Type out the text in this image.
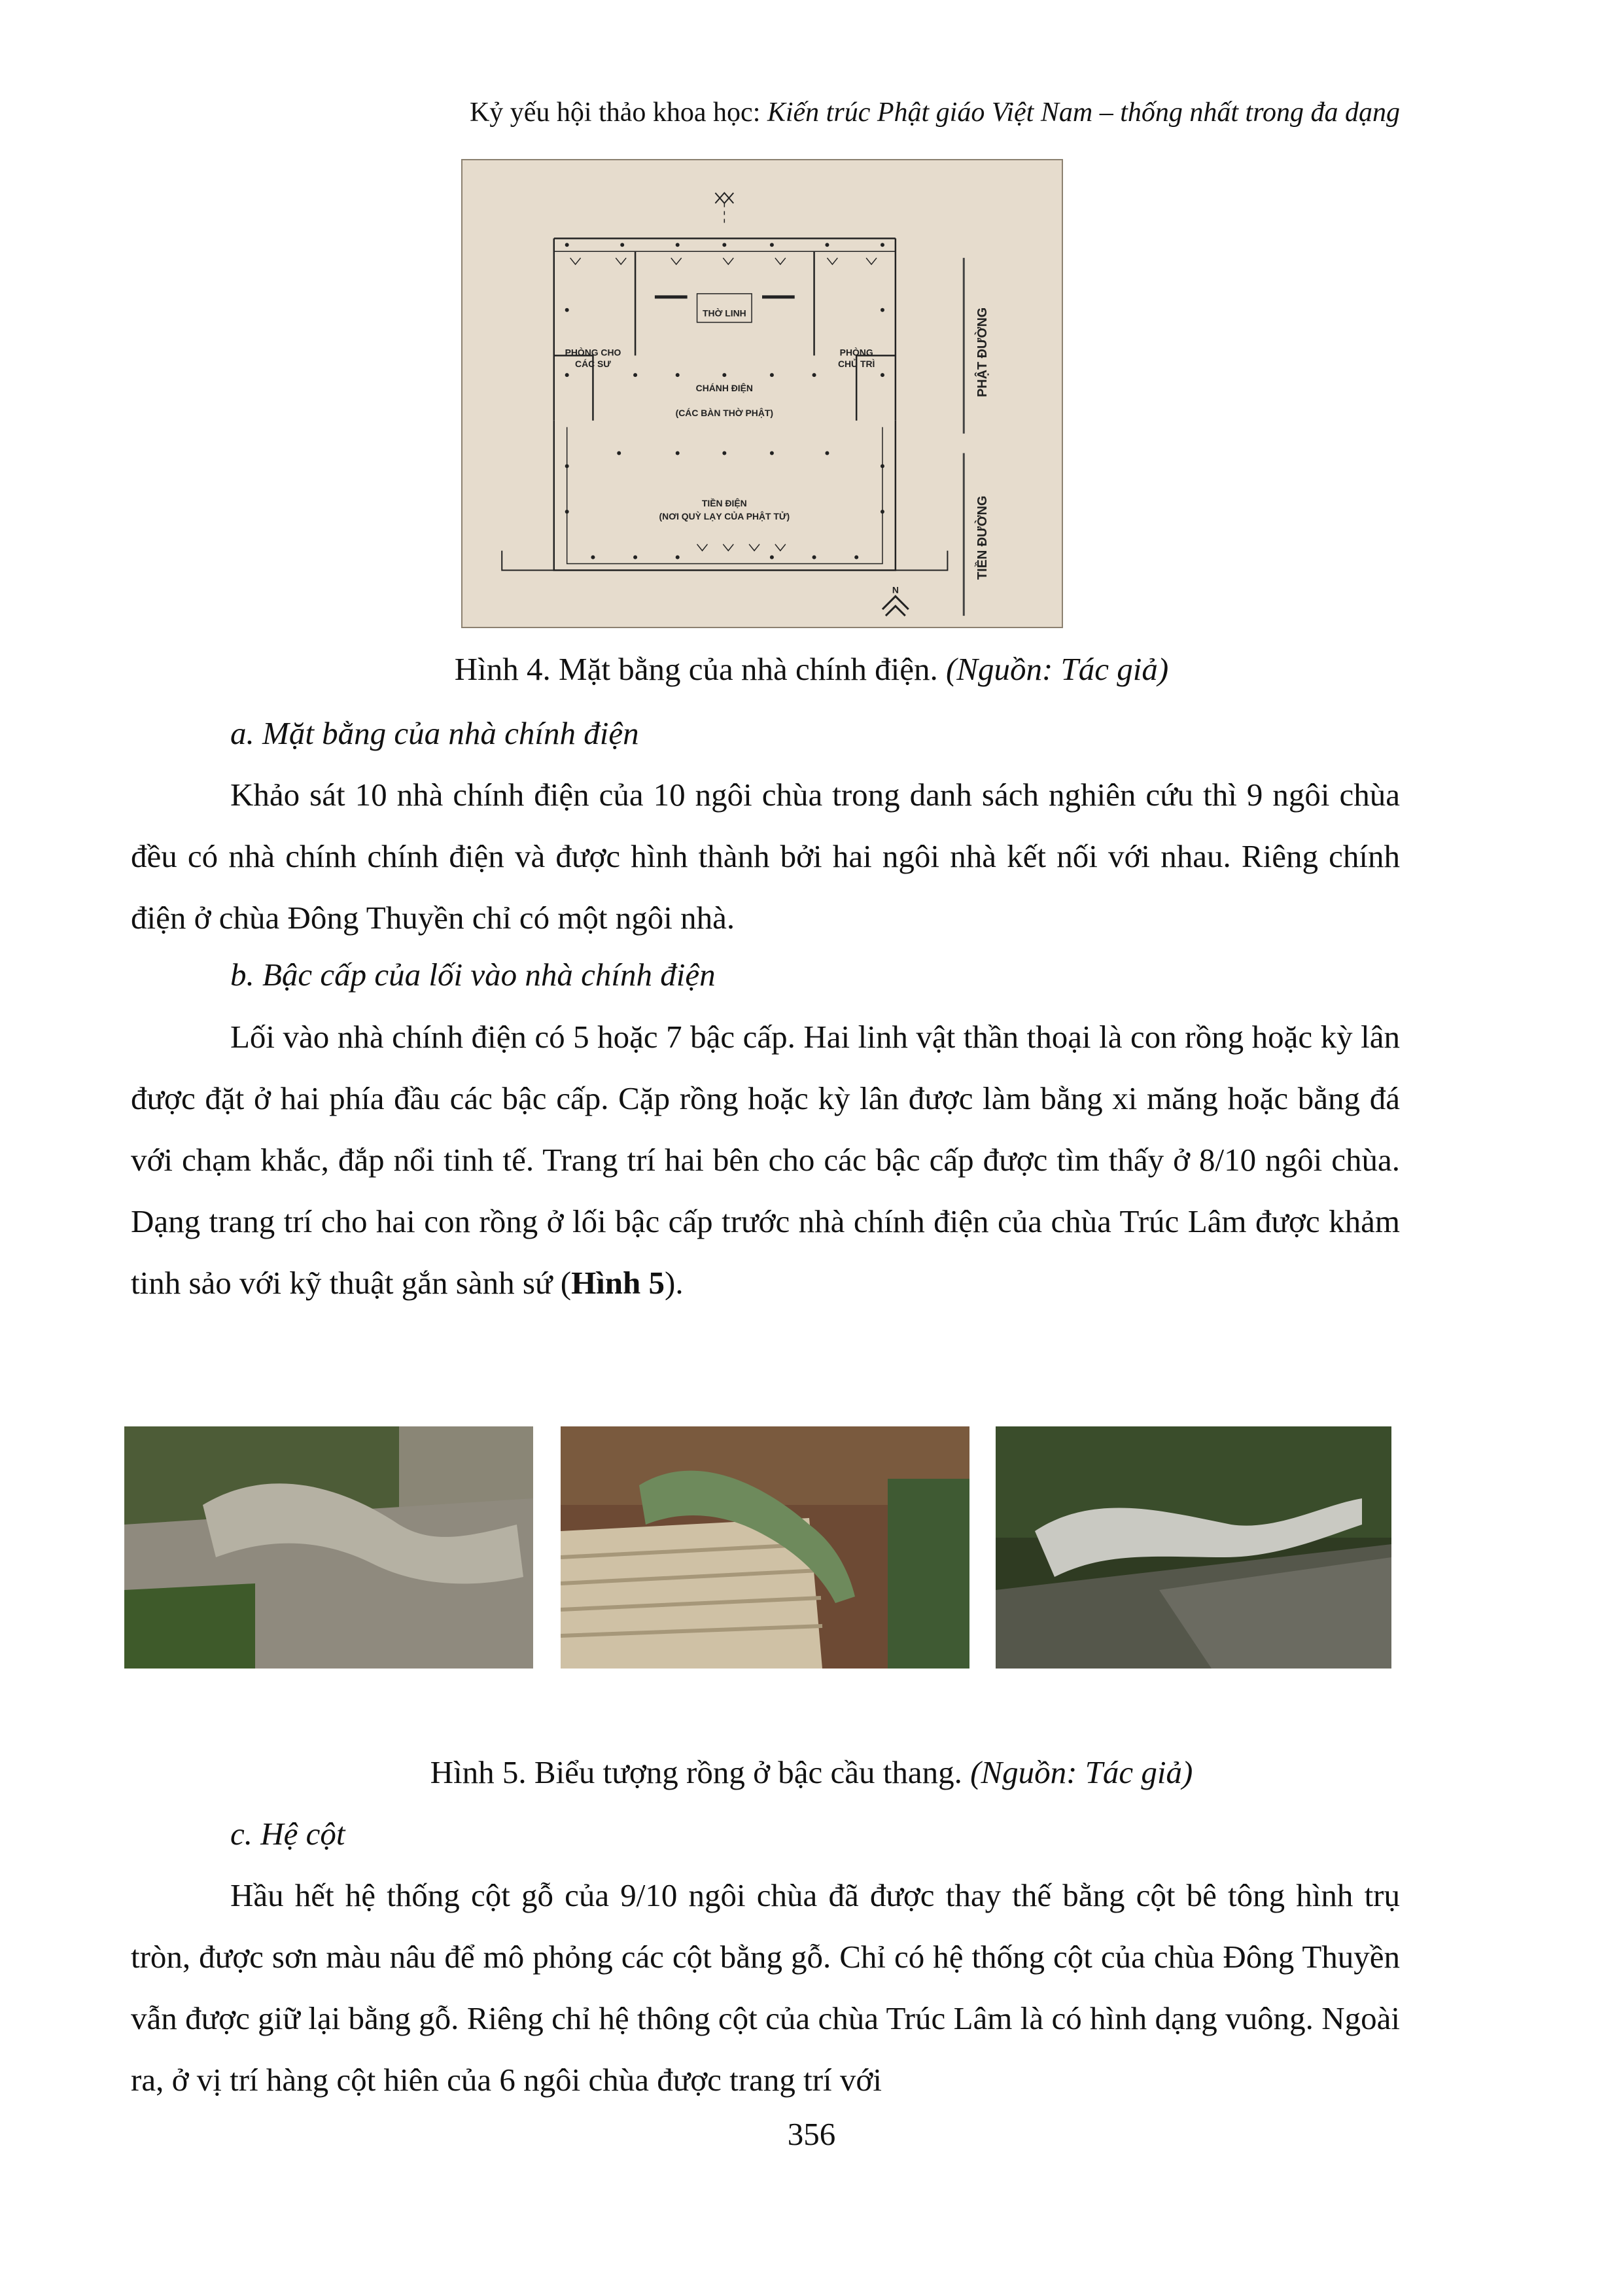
Kỷ yếu hội thảo khoa học: Kiến trúc Phật giáo Việt Nam – thống nhất trong đa dạng
THỜ LINH
PHÒNG CHO
CÁC SƯ
PHÒNG
CHỦ TRÌ
CHÁNH ĐIỆN
(CÁC BÀN THỜ PHẬT)
TIỀN ĐIỆN
(NƠI QUỲ LẠY CỦA PHẬT TỬ)
PHẬT ĐƯỜNG
TIỀN ĐƯỜNG
N
Hình 4. Mặt bằng của nhà chính điện. (Nguồn: Tác giả)
a. Mặt bằng của nhà chính điện

Khảo sát 10 nhà chính điện của 10 ngôi chùa trong danh sách nghiên cứu thì 9 ngôi chùa đều có nhà chính chính điện và được hình thành bởi hai ngôi nhà kết nối với nhau. Riêng chính điện ở chùa Đông Thuyền chỉ có một ngôi nhà.

b. Bậc cấp của lối vào nhà chính điện

Lối vào nhà chính điện có 5 hoặc 7 bậc cấp. Hai linh vật thần thoại là con rồng hoặc kỳ lân được đặt ở hai phía đầu các bậc cấp. Cặp rồng hoặc kỳ lân được làm bằng xi măng hoặc bằng đá với chạm khắc, đắp nổi tinh tế. Trang trí hai bên cho các bậc cấp được tìm thấy ở 8/10 ngôi chùa. Dạng trang trí cho hai con rồng ở lối bậc cấp trước nhà chính điện của chùa Trúc Lâm được khảm tinh sảo với kỹ thuật gắn sành sứ (Hình 5).

Hình 5. Biểu tượng rồng ở bậc cầu thang. (Nguồn: Tác giả)
c. Hệ cột

Hầu hết hệ thống cột gỗ của 9/10 ngôi chùa đã được thay thế bằng cột bê tông hình trụ tròn, được sơn màu nâu để mô phỏng các cột bằng gỗ. Chỉ có hệ thống cột của chùa Đông Thuyền vẫn được giữ lại bằng gỗ. Riêng chỉ hệ thông cột của chùa Trúc Lâm là có hình dạng vuông. Ngoài ra, ở vị trí hàng cột hiên của 6 ngôi chùa được trang trí với

356
